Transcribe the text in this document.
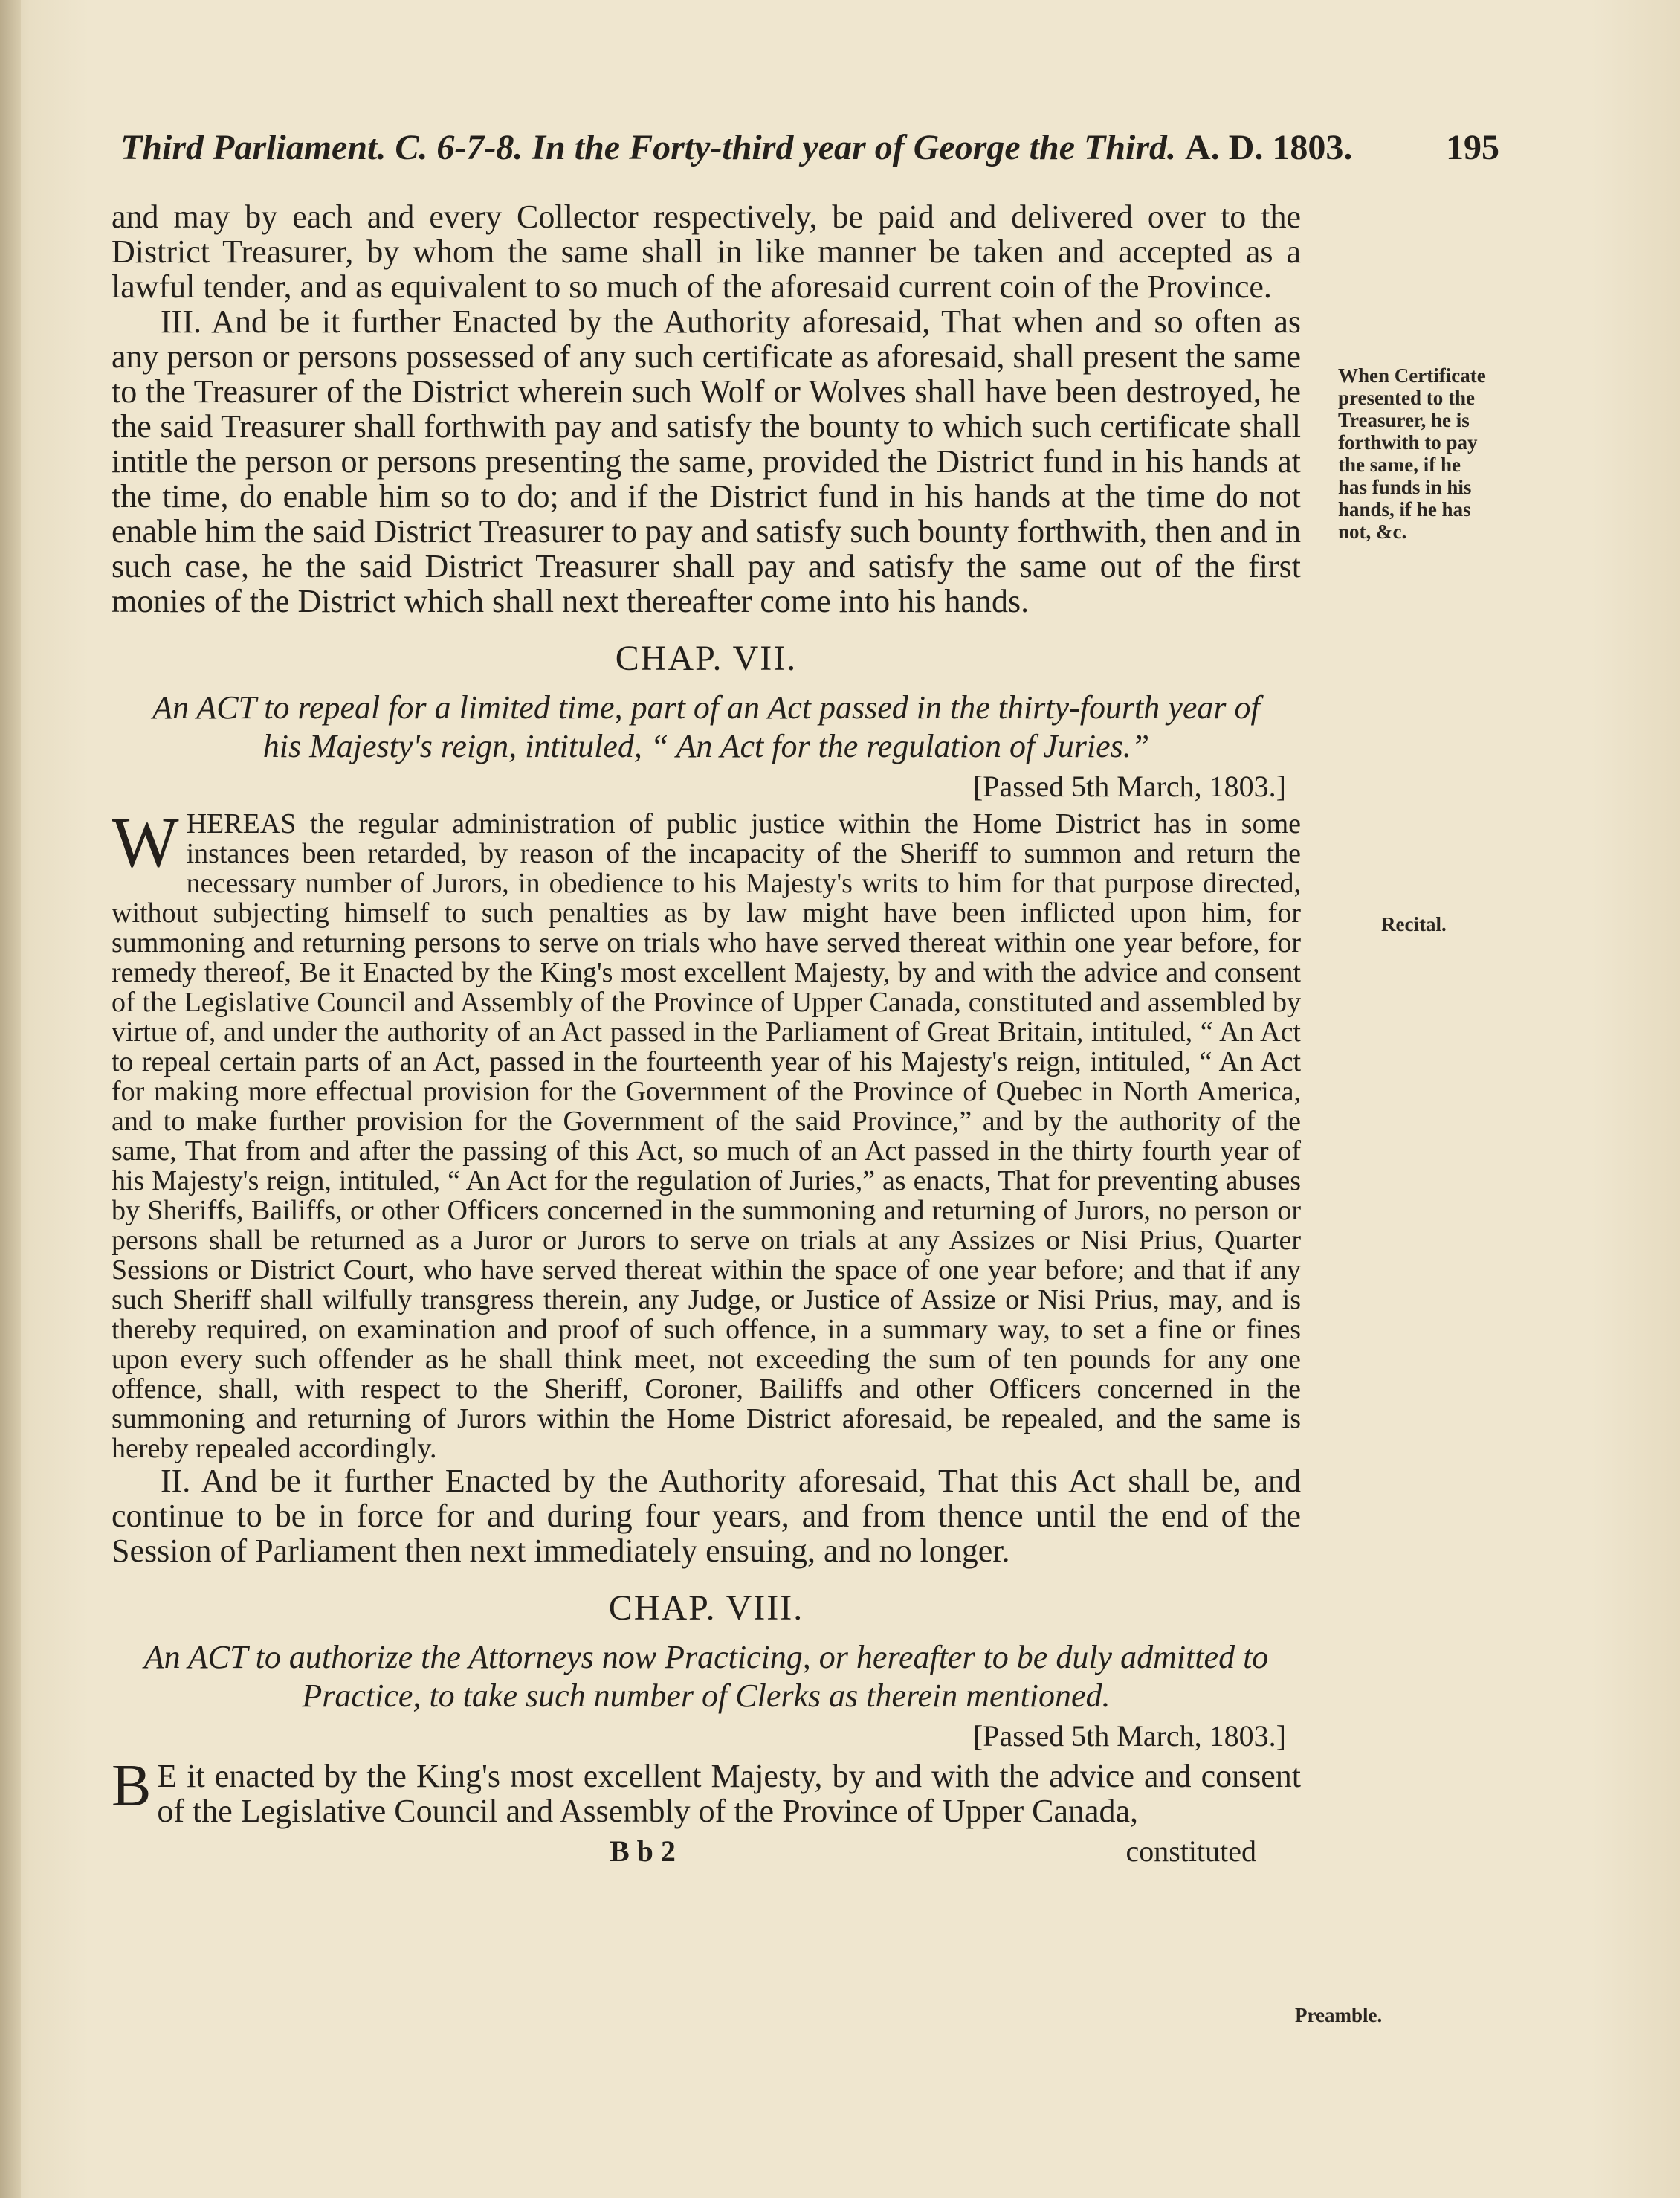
Third Parliament. C. 6-7-8. In the Forty-third year of George the Third. A. D. 1803.	195

and may by each and every Collector respectively, be paid and delivered over to the District Treasurer, by whom the same shall in like manner be taken and accepted as a lawful tender, and as equivalent to so much of the aforesaid current coin of the Province.

III. And be it further Enacted by the Authority aforesaid, That when and so often as any person or persons possessed of any such certificate as aforesaid, shall present the same to the Treasurer of the District wherein such Wolf or Wolves shall have been destroyed, he the said Treasurer shall forthwith pay and satisfy the bounty to which such certificate shall intitle the person or persons presenting the same, provided the District fund in his hands at the time, do enable him so to do; and if the District fund in his hands at the time do not enable him the said District Treasurer to pay and satisfy such bounty forthwith, then and in such case, he the said District Treasurer shall pay and satisfy the same out of the first monies of the District which shall next thereafter come into his hands.

CHAP. VII.
An ACT to repeal for a limited time, part of an Act passed in the thirty-fourth year of his Majesty's reign, intituled, “ An Act for the regulation of Juries.”
[Passed 5th March, 1803.]

WHEREAS the regular administration of public justice within the Home District has in some instances been retarded, by reason of the incapacity of the Sheriff to summon and return the necessary number of Jurors, in obedience to his Majesty's writs to him for that purpose directed, without subjecting himself to such penalties as by law might have been inflicted upon him, for summoning and returning persons to serve on trials who have served thereat within one year before, for remedy thereof, Be it Enacted by the King's most excellent Majesty, by and with the advice and consent of the Legislative Council and Assembly of the Province of Upper Canada, constituted and assembled by virtue of, and under the authority of an Act passed in the Parliament of Great Britain, intituled, “ An Act to repeal certain parts of an Act, passed in the fourteenth year of his Majesty's reign, intituled, “ An Act for making more effectual provision for the Government of the Province of Quebec in North America, and to make further provision for the Government of the said Province,” and by the authority of the same, That from and after the passing of this Act, so much of an Act passed in the thirty fourth year of his Majesty's reign, intituled, “ An Act for the regulation of Juries,” as enacts, That for preventing abuses by Sheriffs, Bailiffs, or other Officers concerned in the summoning and returning of Jurors, no person or persons shall be returned as a Juror or Jurors to serve on trials at any Assizes or Nisi Prius, Quarter Sessions or District Court, who have served thereat within the space of one year before; and that if any such Sheriff shall wilfully transgress therein, any Judge, or Justice of Assize or Nisi Prius, may, and is thereby required, on examination and proof of such offence, in a summary way, to set a fine or fines upon every such offender as he shall think meet, not exceeding the sum of ten pounds for any one offence, shall, with respect to the Sheriff, Coroner, Bailiffs and other Officers concerned in the summoning and returning of Jurors within the Home District aforesaid, be repealed, and the same is hereby repealed accordingly.

II. And be it further Enacted by the Authority aforesaid, That this Act shall be, and continue to be in force for and during four years, and from thence until the end of the Session of Parliament then next immediately ensuing, and no longer.

CHAP. VIII.
An ACT to authorize the Attorneys now Practicing, or hereafter to be duly admitted to Practice, to take such number of Clerks as therein mentioned.
[Passed 5th March, 1803.]

B E it enacted by the King's most excellent Majesty, by and with the advice and consent of the Legislative Council and Assembly of the Province of Upper Canada,

B b 2	constituted
When Certificate presented to the Treasurer, he is forthwith to pay the same, if he has funds in his hands, if he has not, &c.
Recital.
Preamble.
